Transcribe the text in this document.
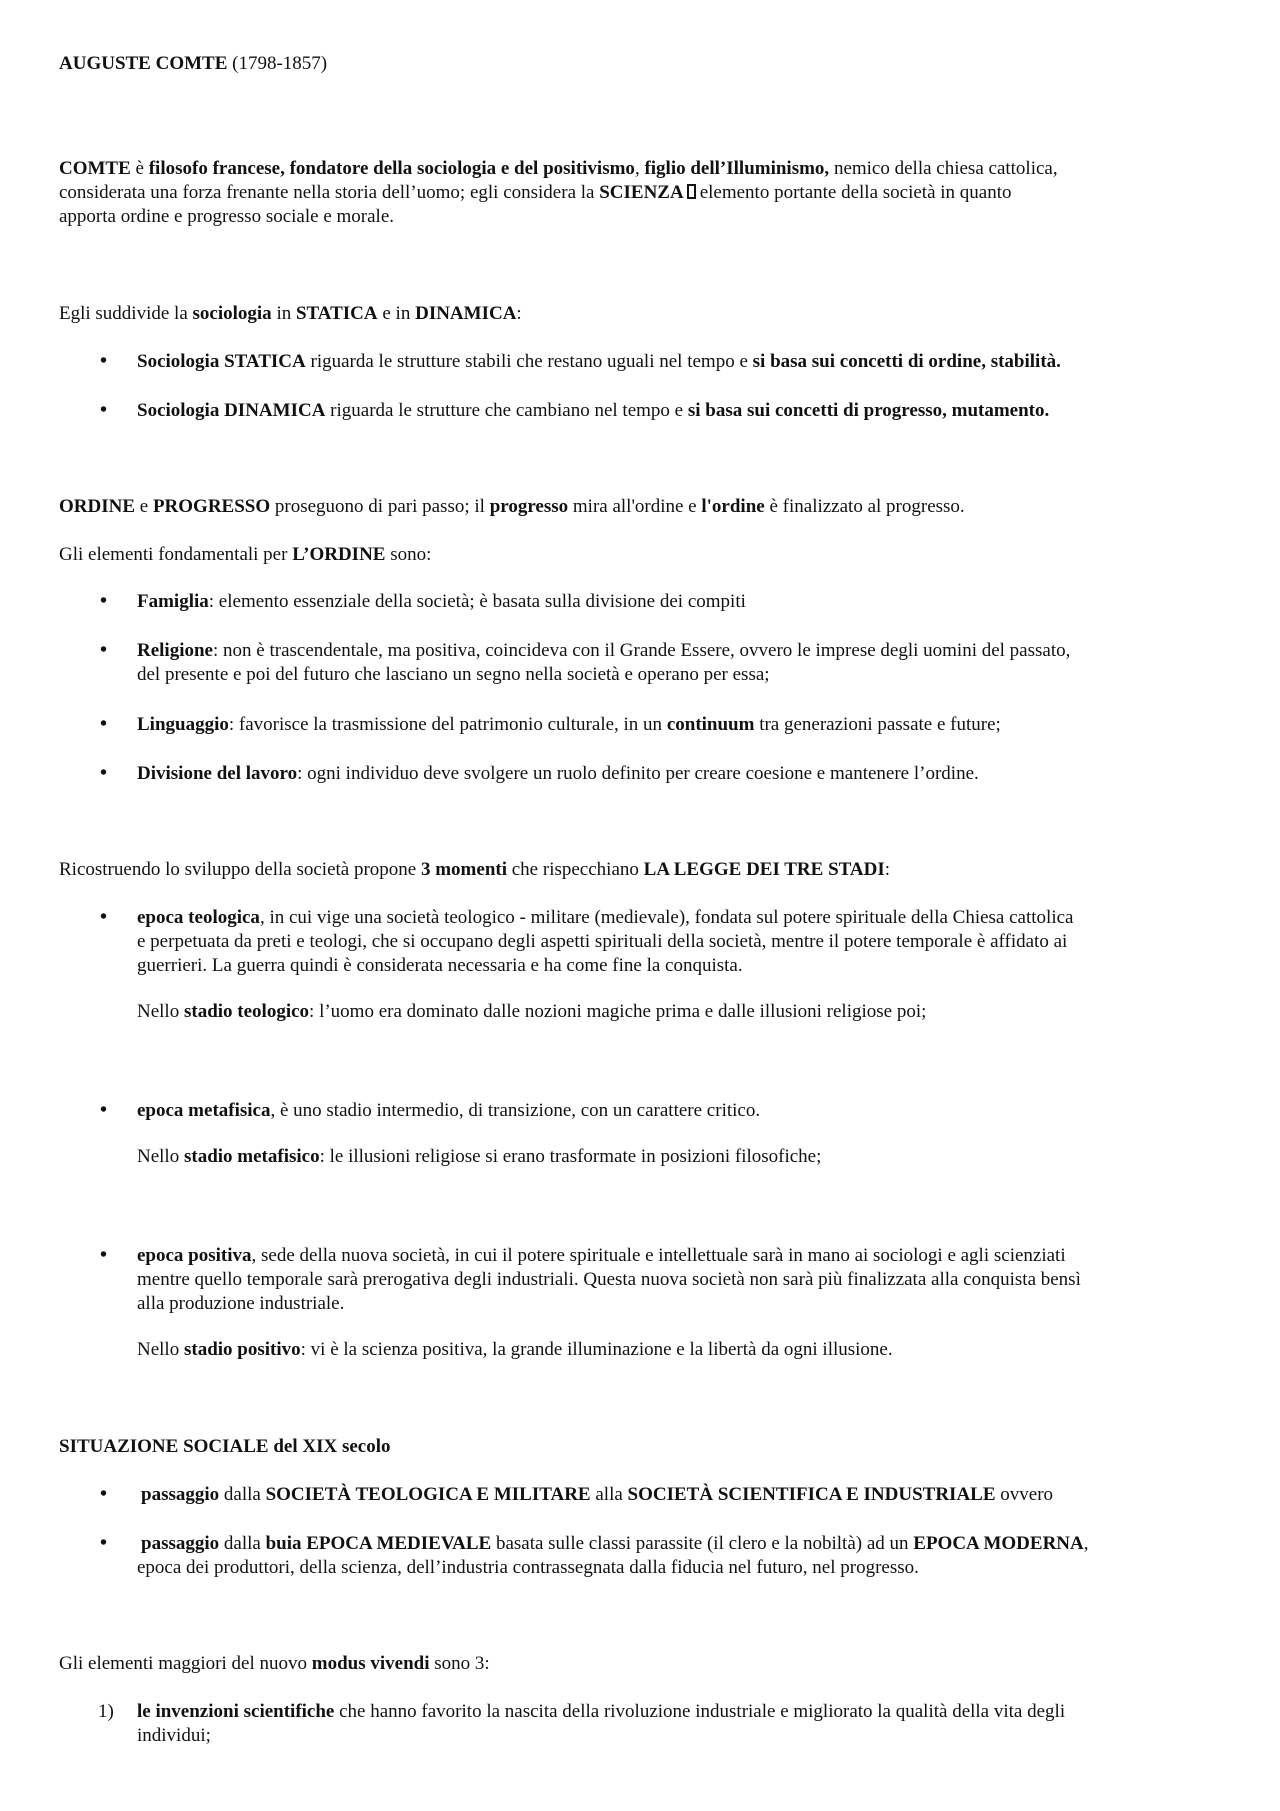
AUGUSTE COMTE (1798-1857)

COMTE è filosofo francese, fondatore della sociologia e del positivismo, figlio dell’Illuminismo, nemico della chiesa cattolica,

considerata una forza frenante nella storia dell’uomo; egli considera la SCIENZA elemento portante della società in quanto

apporta ordine e progresso sociale e morale.

Egli suddivide la sociologia in STATICA e in DINAMICA:

• Sociologia STATICA riguarda le strutture stabili che restano uguali nel tempo e si basa sui concetti di ordine, stabilità.

• Sociologia DINAMICA riguarda le strutture che cambiano nel tempo e si basa sui concetti di progresso, mutamento.

ORDINE e PROGRESSO proseguono di pari passo; il progresso mira all'ordine e l'ordine è finalizzato al progresso.

Gli elementi fondamentali per L’ORDINE sono:

• Famiglia: elemento essenziale della società; è basata sulla divisione dei compiti

• Religione: non è trascendentale, ma positiva, coincideva con il Grande Essere, ovvero le imprese degli uomini del passato,

del presente e poi del futuro che lasciano un segno nella società e operano per essa;

• Linguaggio: favorisce la trasmissione del patrimonio culturale, in un continuum tra generazioni passate e future;

• Divisione del lavoro: ogni individuo deve svolgere un ruolo definito per creare coesione e mantenere l’ordine.

Ricostruendo lo sviluppo della società propone 3 momenti che rispecchiano LA LEGGE DEI TRE STADI:

• epoca teologica, in cui vige una società teologico - militare (medievale), fondata sul potere spirituale della Chiesa cattolica

e perpetuata da preti e teologi, che si occupano degli aspetti spirituali della società, mentre il potere temporale è affidato ai

guerrieri. La guerra quindi è considerata necessaria e ha come fine la conquista.

Nello stadio teologico: l’uomo era dominato dalle nozioni magiche prima e dalle illusioni religiose poi;

• epoca metafisica, è uno stadio intermedio, di transizione, con un carattere critico.

Nello stadio metafisico: le illusioni religiose si erano trasformate in posizioni filosofiche;

• epoca positiva, sede della nuova società, in cui il potere spirituale e intellettuale sarà in mano ai sociologi e agli scienziati

mentre quello temporale sarà prerogativa degli industriali. Questa nuova società non sarà più finalizzata alla conquista bensì

alla produzione industriale.

Nello stadio positivo: vi è la scienza positiva, la grande illuminazione e la libertà da ogni illusione.

SITUAZIONE SOCIALE del XIX secolo

• passaggio dalla SOCIETÀ TEOLOGICA E MILITARE alla SOCIETÀ SCIENTIFICA E INDUSTRIALE ovvero

• passaggio dalla buia EPOCA MEDIEVALE basata sulle classi parassite (il clero e la nobiltà) ad un EPOCA MODERNA,

epoca dei produttori, della scienza, dell’industria contrassegnata dalla fiducia nel futuro, nel progresso.

Gli elementi maggiori del nuovo modus vivendi sono 3:

1) le invenzioni scientifiche che hanno favorito la nascita della rivoluzione industriale e migliorato la qualità della vita degli

individui;
